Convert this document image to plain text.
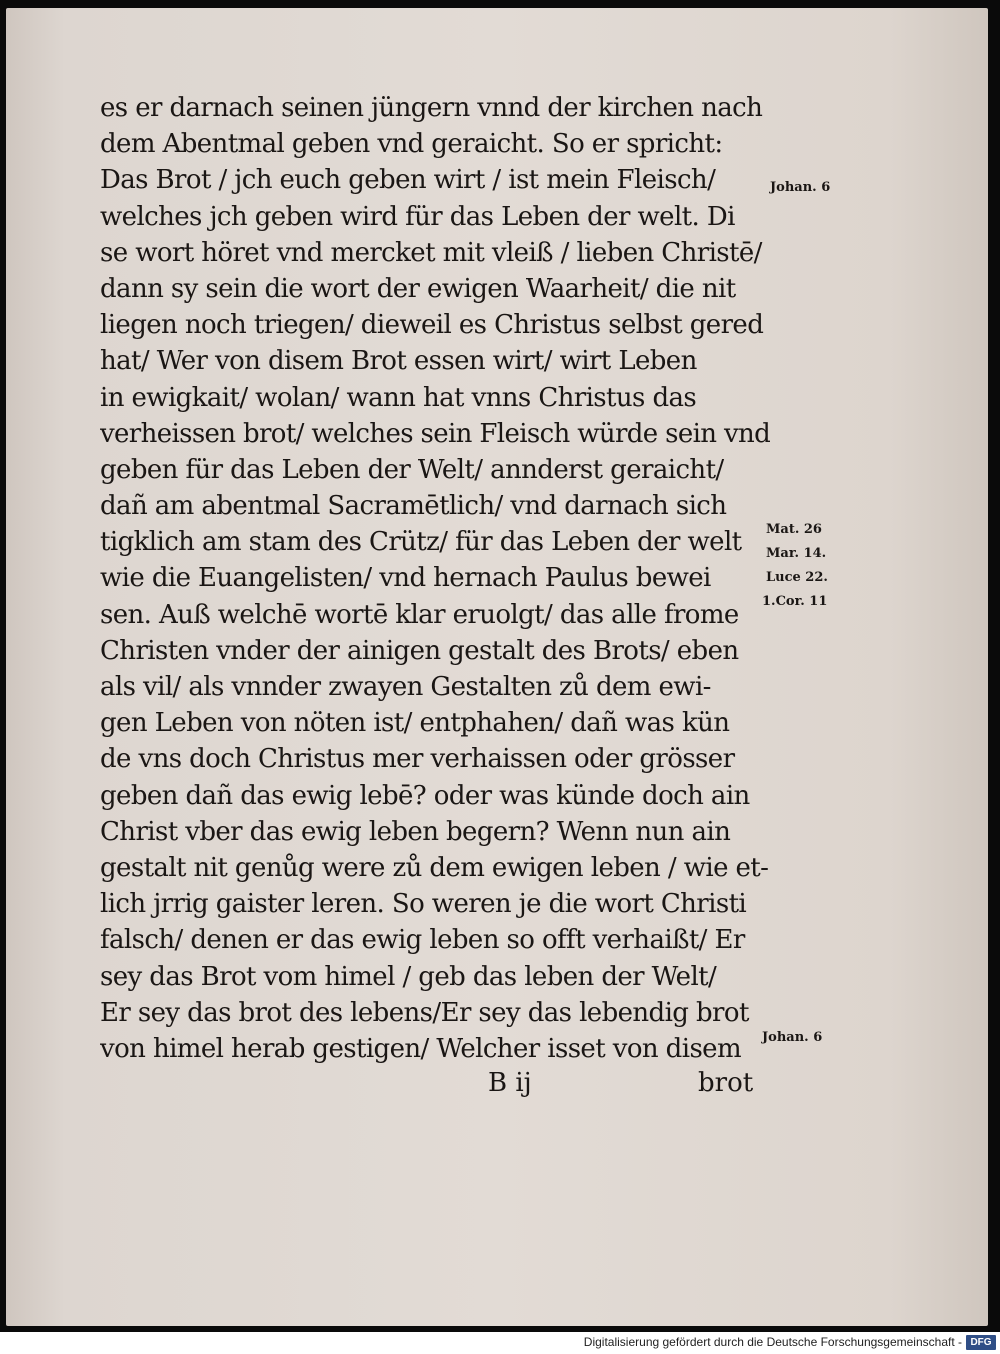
es er darnach seinen jüngern vnnd der kirchen nach
dem Abentmal geben vnd geraicht. So er spricht:
Das Brot / jch euch geben wirt / ist mein Fleisch/
welches jch geben wird für das Leben der welt. Di
se wort höret vnd mercket mit vleiß / lieben Christē/
dann sy sein die wort der ewigen Waarheit/ die nit
liegen noch triegen/ dieweil es Christus selbst gered
hat/ Wer von disem Brot essen wirt/ wirt Leben
in ewigkait/ wolan/ wann hat vnns Christus das
verheissen brot/ welches sein Fleisch würde sein vnd
geben für das Leben der Welt/ annderst geraicht/
dañ am abentmal Sacramētlich/ vnd darnach sich
tigklich am stam des Crütz/ für das Leben der welt
wie die Euangelisten/ vnd hernach Paulus bewei
sen. Auß welchē wortē klar eruolgt/ das alle frome
Christen vnder der ainigen gestalt des Brots/ eben
als vil/ als vnnder zwayen Gestalten zů dem ewi-
gen Leben von nöten ist/ entphahen/ dañ was kün
de vns doch Christus mer verhaissen oder grösser
geben dañ das ewig lebē? oder was künde doch ain
Christ vber das ewig leben begern? Wenn nun ain
gestalt nit genůg were zů dem ewigen leben / wie et-
lich jrrig gaister leren. So weren je die wort Christi
falsch/ denen er das ewig leben so offt verhaißt/ Er
sey das Brot vom himel / geb das leben der Welt/
Er sey das brot des lebens/Er sey das lebendig brot
von himel herab gestigen/ Welcher isset von disem
B ij	brot
Johan. 6
Mat. 26
Mar. 14.
Luce 22.
1.Cor. 11
Johan. 6
Digitalisierung gefördert durch die Deutsche Forschungsgemeinschaft - DFG
